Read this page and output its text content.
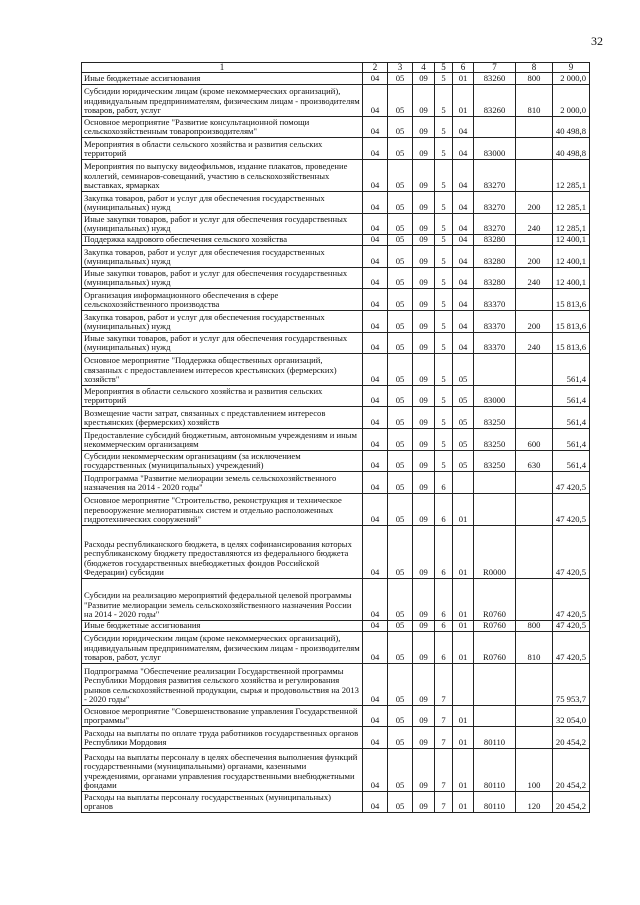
32
1	2	3	4	5	6	7	8	9
Иные бюджетные ассигнования	04	05	09	5	01	83260	800	2 000,0
Субсидии юридическим лицам (кроме некоммерческих организаций), индивидуальным предпринимателям, физическим лицам - производителям товаров, работ, услуг	04	05	09	5	01	83260	810	2 000,0
Основное мероприятие "Развитие консультационной помощи сельскохозяйственным товаропроизводителям"	04	05	09	5	04			40 498,8
Мероприятия в области сельского хозяйства и развития сельских территорий	04	05	09	5	04	83000		40 498,8
Мероприятия по выпуску видеофильмов, издание плакатов, проведение коллегий, семинаров-совещаний, участию в сельскохозяйственных выставках, ярмарках	04	05	09	5	04	83270		12 285,1
Закупка товаров, работ и услуг для обеспечения государственных (муниципальных) нужд	04	05	09	5	04	83270	200	12 285,1
Иные закупки товаров, работ и услуг для обеспечения государственных (муниципальных) нужд	04	05	09	5	04	83270	240	12 285,1
Поддержка кадрового обеспечения сельского хозяйства	04	05	09	5	04	83280		12 400,1
Закупка товаров, работ и услуг для обеспечения государственных (муниципальных) нужд	04	05	09	5	04	83280	200	12 400,1
Иные закупки товаров, работ и услуг для обеспечения государственных (муниципальных) нужд	04	05	09	5	04	83280	240	12 400,1
Организация информационного обеспечения в сфере сельскохозяйственного производства	04	05	09	5	04	83370		15 813,6
Закупка товаров, работ и услуг для обеспечения государственных (муниципальных) нужд	04	05	09	5	04	83370	200	15 813,6
Иные закупки товаров, работ и услуг для обеспечения государственных (муниципальных) нужд	04	05	09	5	04	83370	240	15 813,6
Основное мероприятие "Поддержка общественных организаций, связанных с предоставлением интересов крестьянских (фермерских) хозяйств"	04	05	09	5	05			561,4
Мероприятия в области сельского хозяйства и развития сельских территорий	04	05	09	5	05	83000		561,4
Возмещение части затрат, связанных с представлением интересов крестьянских (фермерских) хозяйств	04	05	09	5	05	83250		561,4
Предоставление субсидий бюджетным, автономным учреждениям и иным некоммерческим организациям	04	05	09	5	05	83250	600	561,4
Субсидии некоммерческим организациям (за исключением государственных (муниципальных) учреждений)	04	05	09	5	05	83250	630	561,4
Подпрограмма "Развитие мелиорации земель сельскохозяйственного назначения на 2014 - 2020 годы"	04	05	09	6				47 420,5
Основное мероприятие "Строительство, реконструкция и техническое перевооружение мелиоративных систем и отдельно расположенных гидротехнических сооружений"	04	05	09	6	01			47 420,5
Расходы республиканского бюджета, в целях софинансирования которых республиканскому бюджету предоставляются из федерального бюджета (бюджетов государственных внебюджетных фондов Российской Федерации) субсидии	04	05	09	6	01	R0000		47 420,5
Субсидии на реализацию мероприятий федеральной целевой программы "Развитие мелиорации земель сельскохозяйственного назначения России на 2014 - 2020 годы"	04	05	09	6	01	R0760		47 420,5
Иные бюджетные ассигнования	04	05	09	6	01	R0760	800	47 420,5
Субсидии юридическим лицам (кроме некоммерческих организаций), индивидуальным предпринимателям, физическим лицам - производителям товаров, работ, услуг	04	05	09	6	01	R0760	810	47 420,5
Подпрограмма "Обеспечение реализации Государственной программы Республики Мордовия развития сельского хозяйства и регулирования рынков сельскохозяйственной продукции, сырья и продовольствия на 2013 - 2020 годы"	04	05	09	7				75 953,7
Основное мероприятие "Совершенствование управления Государственной программы"	04	05	09	7	01			32 054,0
Расходы на выплаты по оплате труда работников государственных органов Республики Мордовия	04	05	09	7	01	80110		20 454,2
Расходы на выплаты персоналу в целях обеспечения выполнения функций государственными (муниципальными) органами, казенными учреждениями, органами управления государственными внебюджетными фондами	04	05	09	7	01	80110	100	20 454,2
Расходы на выплаты персоналу государственных (муниципальных) органов	04	05	09	7	01	80110	120	20 454,2
